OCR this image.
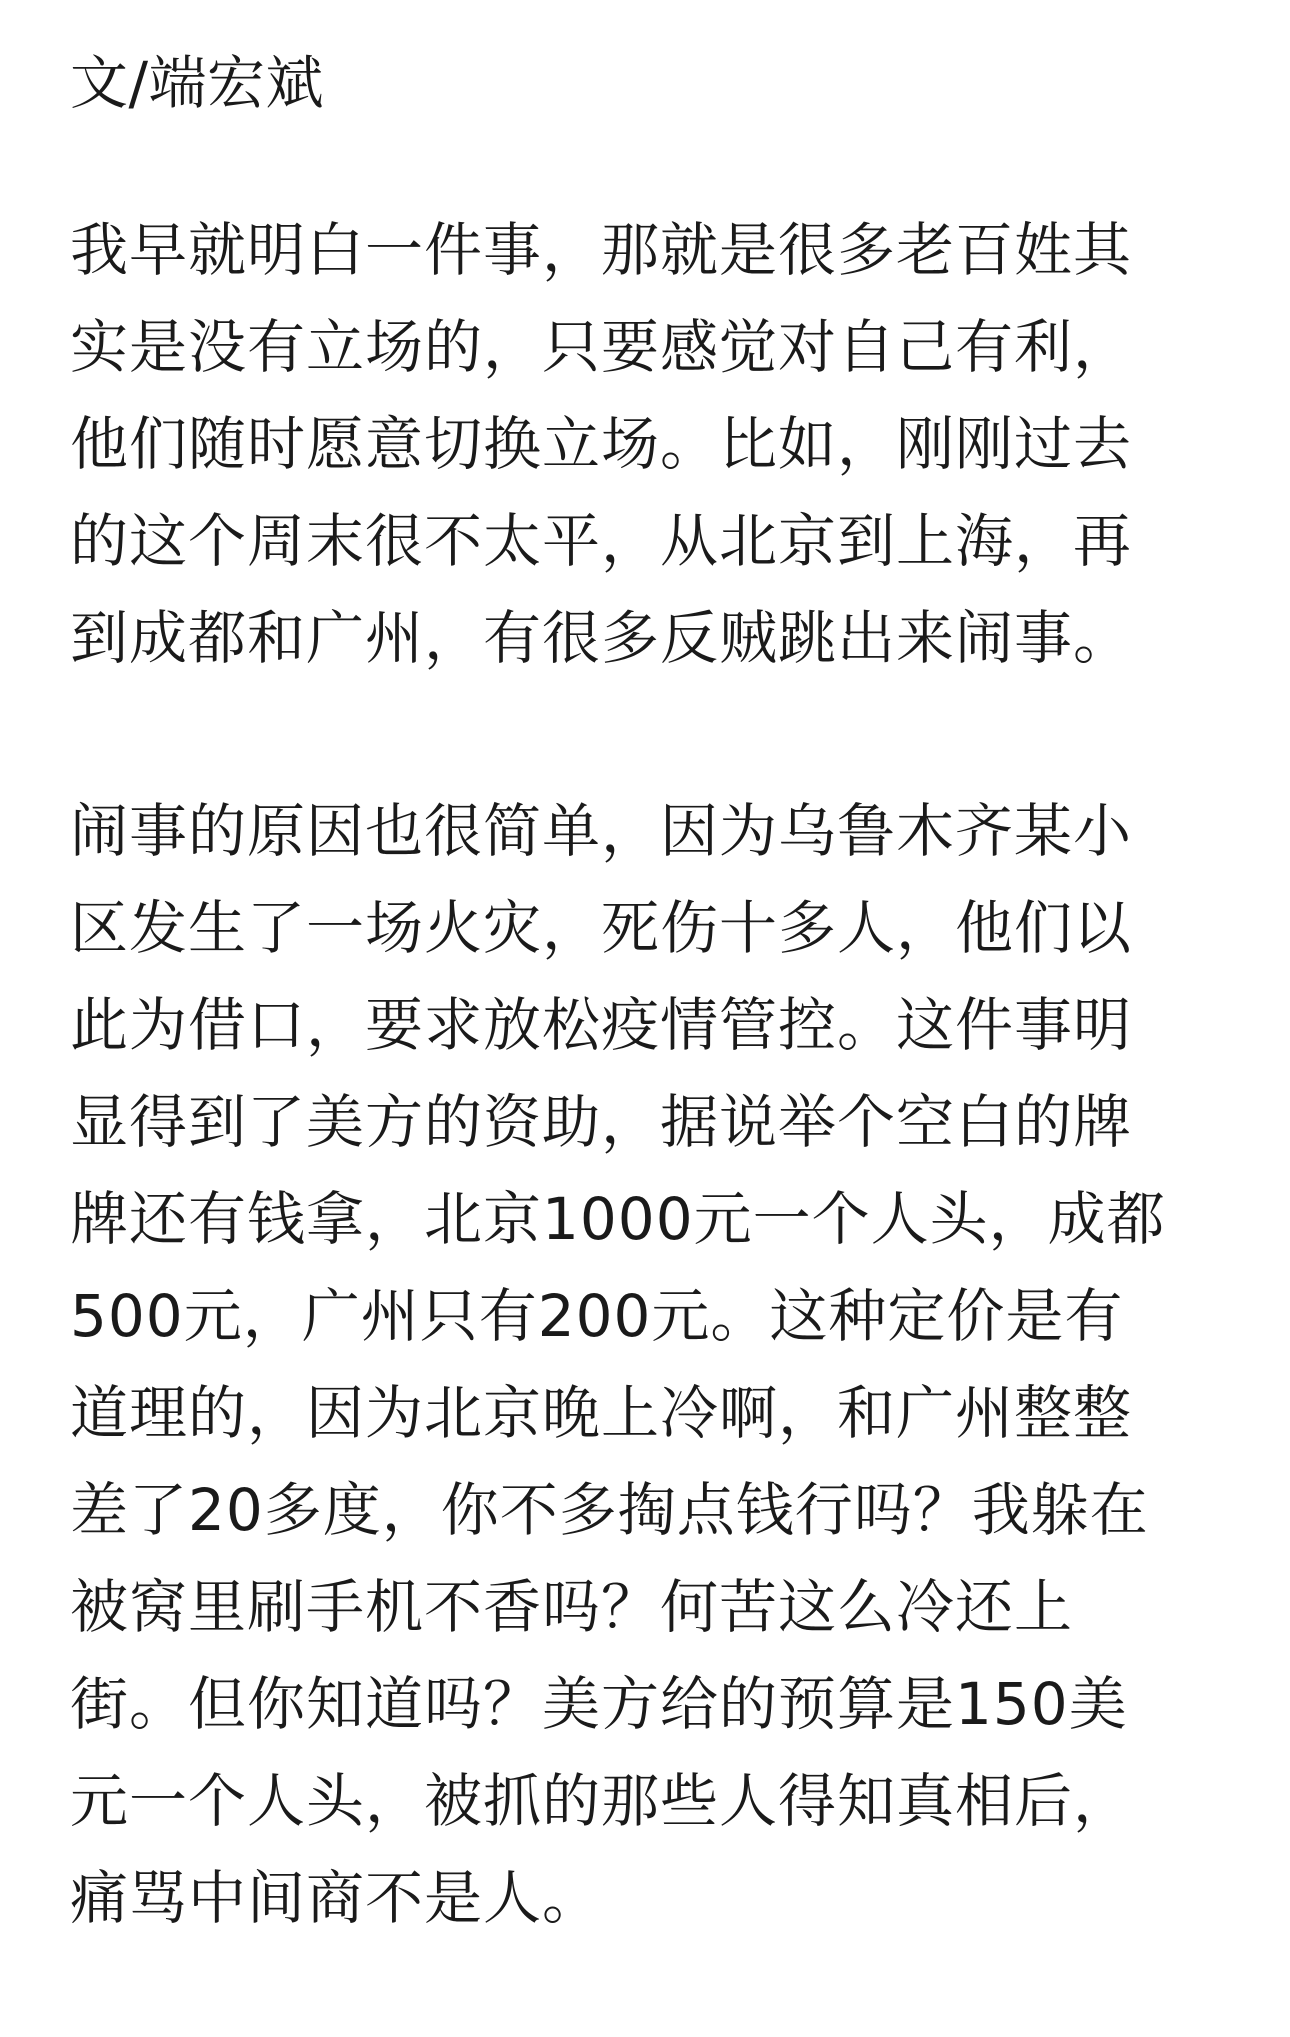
文/端宏斌
我早就明白一件事，那就是很多老百姓其
实是没有立场的，只要感觉对自己有利，
他们随时愿意切换立场。比如，刚刚过去
的这个周末很不太平，从北京到上海，再
到成都和广州，有很多反贼跳出来闹事。
闹事的原因也很简单，因为乌鲁木齐某小
区发生了一场火灾，死伤十多人，他们以
此为借口，要求放松疫情管控。这件事明
显得到了美方的资助，据说举个空白的牌
牌还有钱拿，北京1000元一个人头，成都
500元，广州只有200元。这种定价是有
道理的，因为北京晚上冷啊，和广州整整
差了20多度，你不多掏点钱行吗？我躲在
被窝里刷手机不香吗？何苦这么冷还上
街。但你知道吗？美方给的预算是150美
元一个人头，被抓的那些人得知真相后，
痛骂中间商不是人。
